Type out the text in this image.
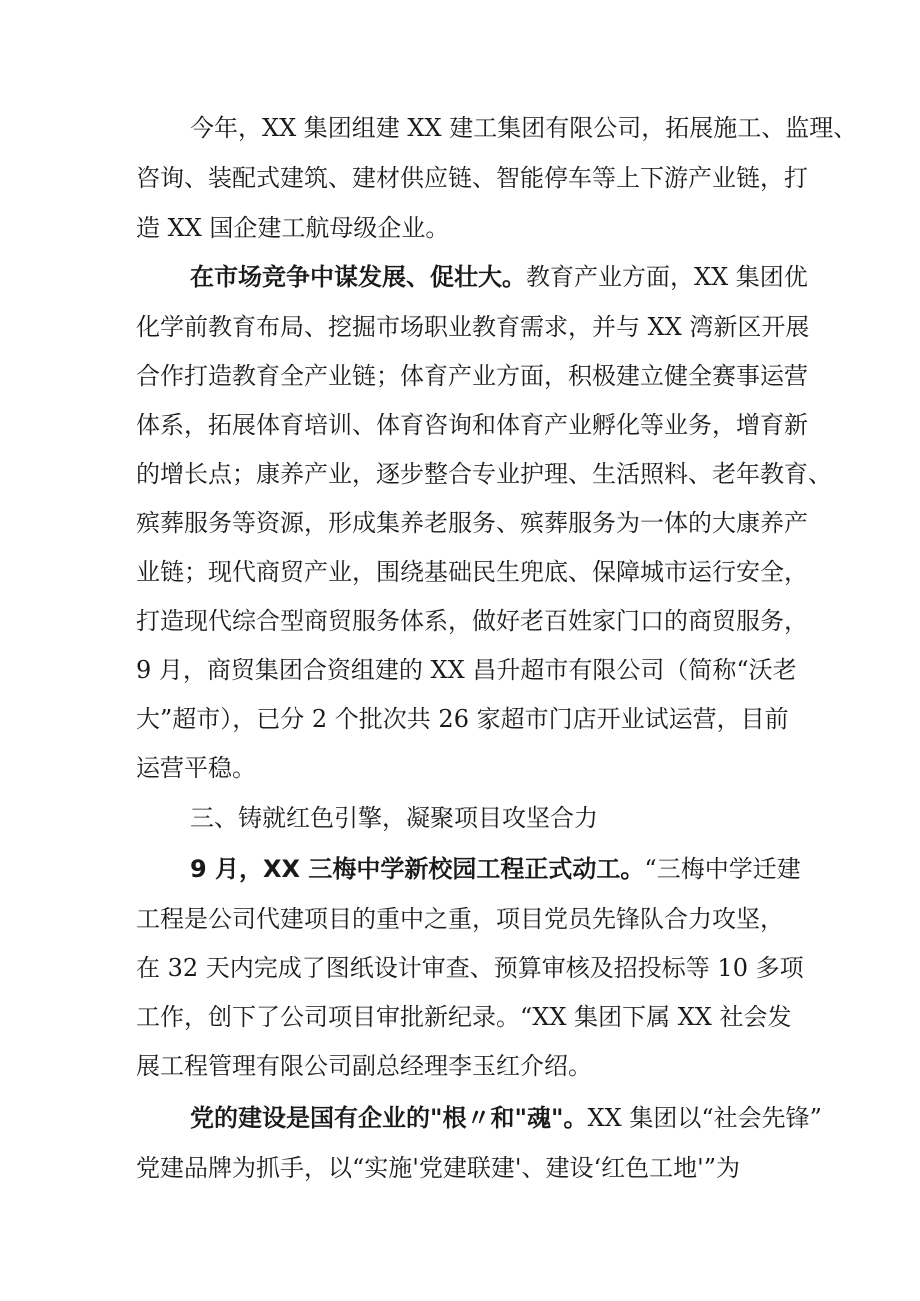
今年，XX 集团组建 XX 建工集团有限公司，拓展施工、监理、
咨询、装配式建筑、建材供应链、智能停车等上下游产业链，打
造 XX 国企建工航母级企业。
在市场竞争中谋发展、促壮大。教育产业方面，XX 集团优
化学前教育布局、挖掘市场职业教育需求，并与 XX 湾新区开展
合作打造教育全产业链；体育产业方面，积极建立健全赛事运营
体系，拓展体育培训、体育咨询和体育产业孵化等业务，增育新
的增长点；康养产业，逐步整合专业护理、生活照料、老年教育、
殡葬服务等资源，形成集养老服务、殡葬服务为一体的大康养产
业链；现代商贸产业，围绕基础民生兜底、保障城市运行安全，
打造现代综合型商贸服务体系，做好老百姓家门口的商贸服务，
9 月，商贸集团合资组建的 XX 昌升超市有限公司（简称“沃老
大”超市），已分 2 个批次共 26 家超市门店开业试运营，目前
运营平稳。
三、铸就红色引擎，凝聚项目攻坚合力
9 月，XX 三梅中学新校园工程正式动工。“三梅中学迁建
工程是公司代建项目的重中之重，项目党员先锋队合力攻坚，
在 32 天内完成了图纸设计审查、预算审核及招投标等 10 多项
工作，创下了公司项目审批新纪录。“XX 集团下属 XX 社会发
展工程管理有限公司副总经理李玉红介绍。
党的建设是国有企业的"根〃和"魂"。XX 集团以“社会先锋”
党建品牌为抓手，以“实施'党建联建'、建设‘红色工地'”为
